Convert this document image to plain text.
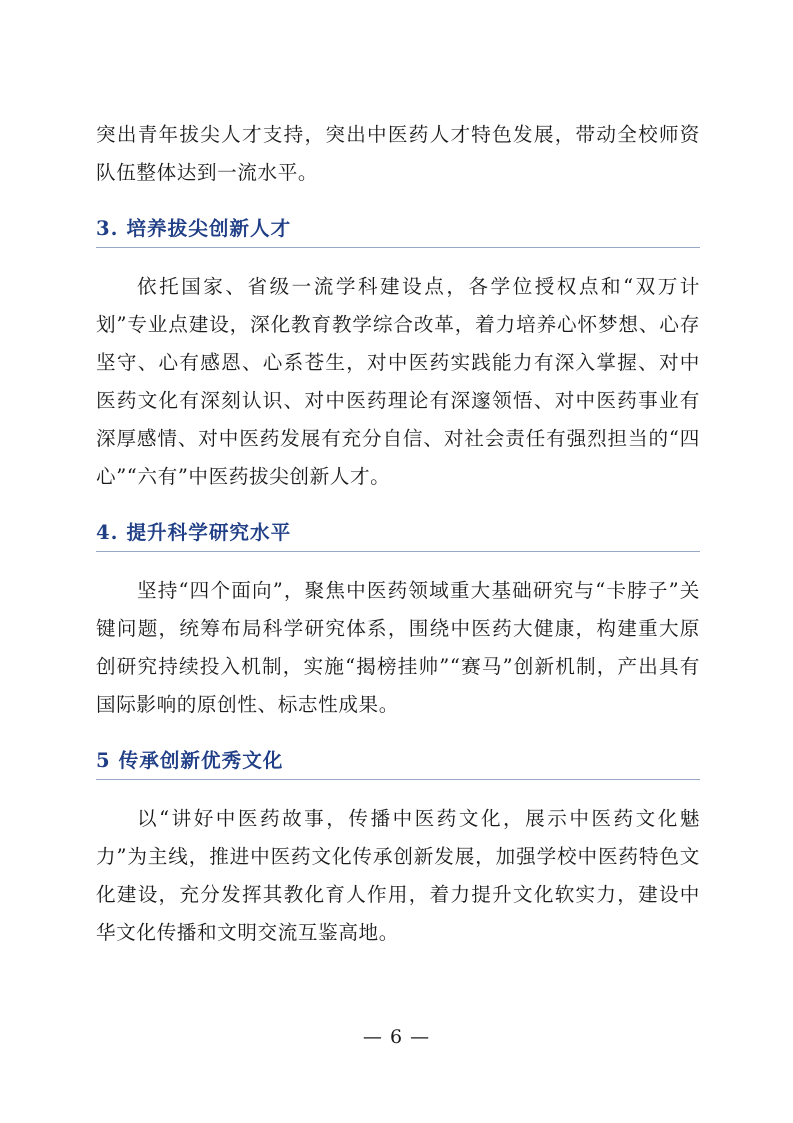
突出青年拔尖人才支持，突出中医药人才特色发展，带动全校师资队伍整体达到一流水平。

3. 培养拔尖创新人才

依托国家、省级一流学科建设点，各学位授权点和“双万计划”专业点建设，深化教育教学综合改革，着力培养心怀梦想、心存坚守、心有感恩、心系苍生，对中医药实践能力有深入掌握、对中医药文化有深刻认识、对中医药理论有深邃领悟、对中医药事业有深厚感情、对中医药发展有充分自信、对社会责任有强烈担当的“四心”“六有”中医药拔尖创新人才。

4. 提升科学研究水平

坚持“四个面向”，聚焦中医药领域重大基础研究与“卡脖子”关键问题，统筹布局科学研究体系，围绕中医药大健康，构建重大原创研究持续投入机制，实施“揭榜挂帅”“赛马”创新机制，产出具有国际影响的原创性、标志性成果。

5 传承创新优秀文化

以“讲好中医药故事，传播中医药文化，展示中医药文化魅力”为主线，推进中医药文化传承创新发展，加强学校中医药特色文化建设，充分发挥其教化育人作用，着力提升文化软实力，建设中华文化传播和文明交流互鉴高地。

— 6 —
